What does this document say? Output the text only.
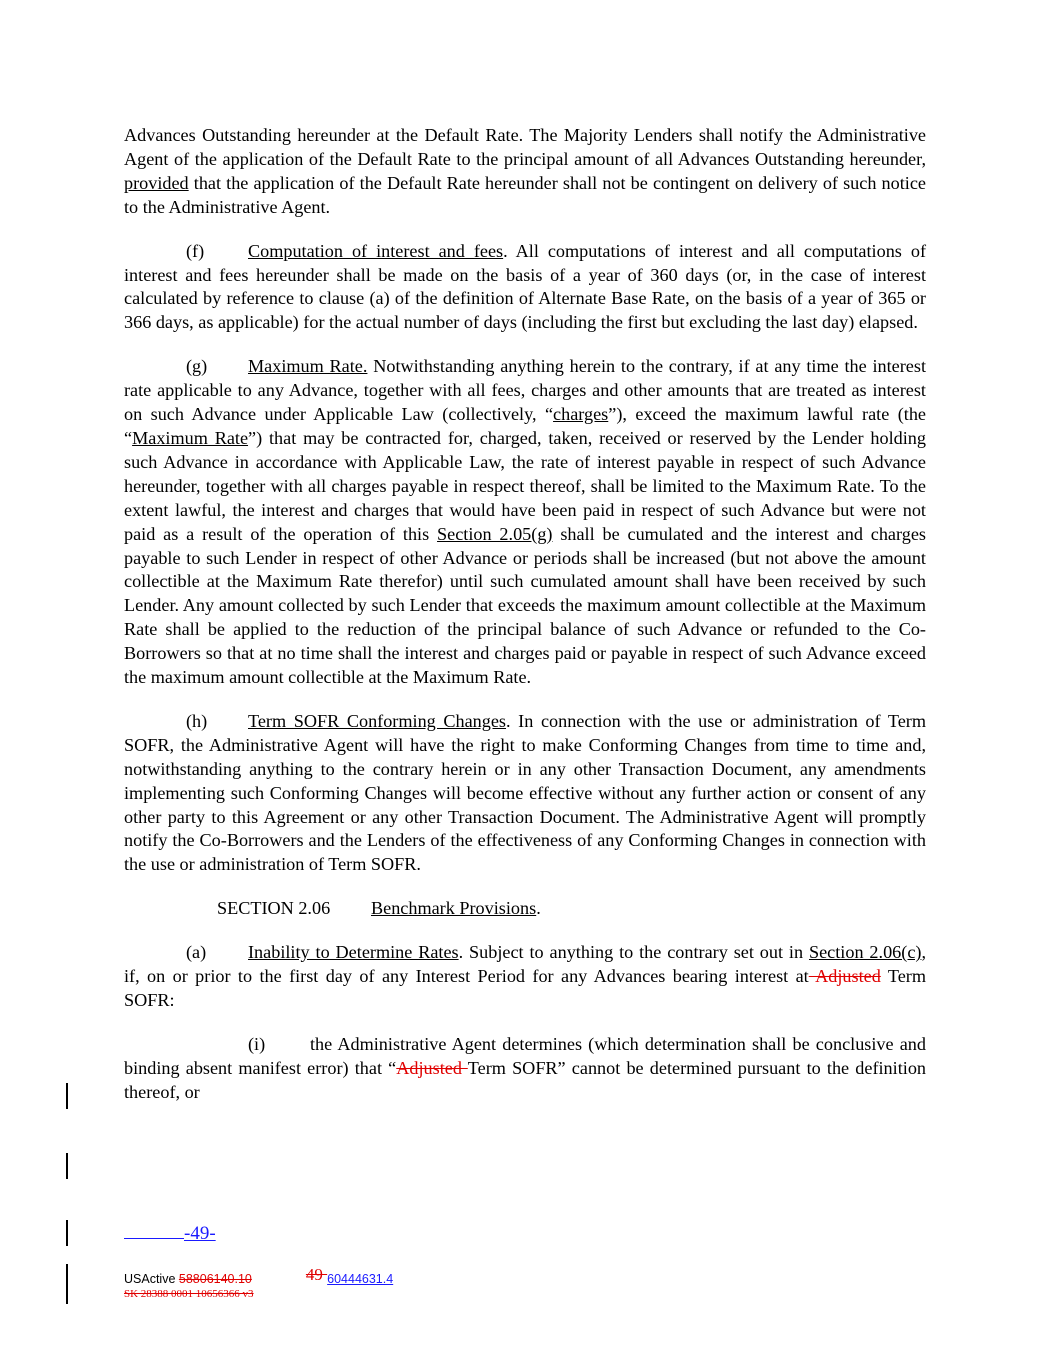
Advances Outstanding hereunder at the Default Rate. The Majority Lenders shall notify the Administrative Agent of the application of the Default Rate to the principal amount of all Advances Outstanding hereunder, provided that the application of the Default Rate hereunder shall not be contingent on delivery of such notice to the Administrative Agent.

(f) Computation of interest and fees. All computations of interest and all computations of interest and fees hereunder shall be made on the basis of a year of 360 days (or, in the case of interest calculated by reference to clause (a) of the definition of Alternate Base Rate, on the basis of a year of 365 or 366 days, as applicable) for the actual number of days (including the first but excluding the last day) elapsed.

(g) Maximum Rate. Notwithstanding anything herein to the contrary, if at any time the interest rate applicable to any Advance, together with all fees, charges and other amounts that are treated as interest on such Advance under Applicable Law (collectively, “charges”), exceed the maximum lawful rate (the “Maximum Rate”) that may be contracted for, charged, taken, received or reserved by the Lender holding such Advance in accordance with Applicable Law, the rate of interest payable in respect of such Advance hereunder, together with all charges payable in respect thereof, shall be limited to the Maximum Rate. To the extent lawful, the interest and charges that would have been paid in respect of such Advance but were not paid as a result of the operation of this Section 2.05(g) shall be cumulated and the interest and charges payable to such Lender in respect of other Advance or periods shall be increased (but not above the amount collectible at the Maximum Rate therefor) until such cumulated amount shall have been received by such Lender. Any amount collected by such Lender that exceeds the maximum amount collectible at the Maximum Rate shall be applied to the reduction of the principal balance of such Advance or refunded to the Co-Borrowers so that at no time shall the interest and charges paid or payable in respect of such Advance exceed the maximum amount collectible at the Maximum Rate.

(h) Term SOFR Conforming Changes. In connection with the use or administration of Term SOFR, the Administrative Agent will have the right to make Conforming Changes from time to time and, notwithstanding anything to the contrary herein or in any other Transaction Document, any amendments implementing such Conforming Changes will become effective without any further action or consent of any other party to this Agreement or any other Transaction Document. The Administrative Agent will promptly notify the Co-Borrowers and the Lenders of the effectiveness of any Conforming Changes in connection with the use or administration of Term SOFR.

SECTION 2.06 Benchmark Provisions.

(a) Inability to Determine Rates. Subject to anything to the contrary set out in Section 2.06(c), if, on or prior to the first day of any Interest Period for any Advances bearing interest at Adjusted Term SOFR:

(i) the Administrative Agent determines (which determination shall be conclusive and binding absent manifest error) that “Adjusted Term SOFR” cannot be determined pursuant to the definition thereof, or

-49-
USActive 58806140.10	49 60444631.4
SK 28388 0001 10656366 v3
